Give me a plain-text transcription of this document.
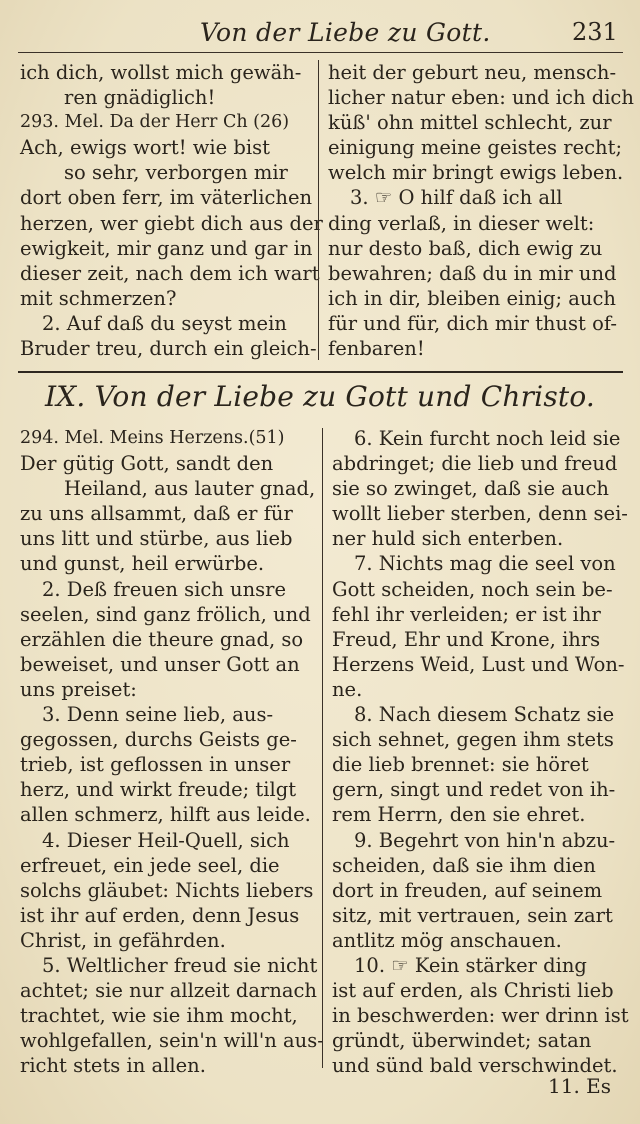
Von der Liebe zu Gott.	231

ich dich, wollst mich gewäh-

ren gnädiglich!

293. Mel. Da der Herr Ch (26)

Ach, ewigs wort! wie bist

so sehr, verborgen mir

dort oben ferr, im väterlichen

herzen, wer giebt dich aus der

ewigkeit, mir ganz und gar in

dieser zeit, nach dem ich wart

mit schmerzen?

2. Auf daß du seyst mein

Bruder treu, durch ein gleich-

heit der geburt neu, mensch-

licher natur eben: und ich dich

küß' ohn mittel schlecht, zur

einigung meine geistes recht;

welch mir bringt ewigs leben.

3. ☞ O hilf daß ich all

ding verlaß, in dieser welt:

nur desto baß, dich ewig zu

bewahren; daß du in mir und

ich in dir, bleiben einig; auch

für und für, dich mir thust of-

fenbaren!

IX. Von der Liebe zu Gott und Christo.

294. Mel. Meins Herzens.(51)

Der gütig Gott, sandt den

Heiland, aus lauter gnad,

zu uns allsammt, daß er für

uns litt und stürbe, aus lieb

und gunst, heil erwürbe.

2. Deß freuen sich unsre

seelen, sind ganz frölich, und

erzählen die theure gnad, so

beweiset, und unser Gott an

uns preiset:

3. Denn seine lieb, aus-

gegossen, durchs Geists ge-

trieb, ist geflossen in unser

herz, und wirkt freude; tilgt

allen schmerz, hilft aus leide.

4. Dieser Heil-Quell, sich

erfreuet, ein jede seel, die

solchs gläubet: Nichts liebers

ist ihr auf erden, denn Jesus

Christ, in gefährden.

5. Weltlicher freud sie nicht

achtet; sie nur allzeit darnach

trachtet, wie sie ihm mocht,

wohlgefallen, sein'n will'n aus-

richt stets in allen.

6. Kein furcht noch leid sie

abdringet; die lieb und freud

sie so zwinget, daß sie auch

wollt lieber sterben, denn sei-

ner huld sich enterben.

7. Nichts mag die seel von

Gott scheiden, noch sein be-

fehl ihr verleiden; er ist ihr

Freud, Ehr und Krone, ihrs

Herzens Weid, Lust und Won-

ne.

8. Nach diesem Schatz sie

sich sehnet, gegen ihm stets

die lieb brennet: sie höret

gern, singt und redet von ih-

rem Herrn, den sie ehret.

9. Begehrt von hin'n abzu-

scheiden, daß sie ihm dien

dort in freuden, auf seinem

sitz, mit vertrauen, sein zart

antlitz mög anschauen.

10. ☞ Kein stärker ding

ist auf erden, als Christi lieb

in beschwerden: wer drinn ist

gründt, überwindet; satan

und sünd bald verschwindet.

11. Es
